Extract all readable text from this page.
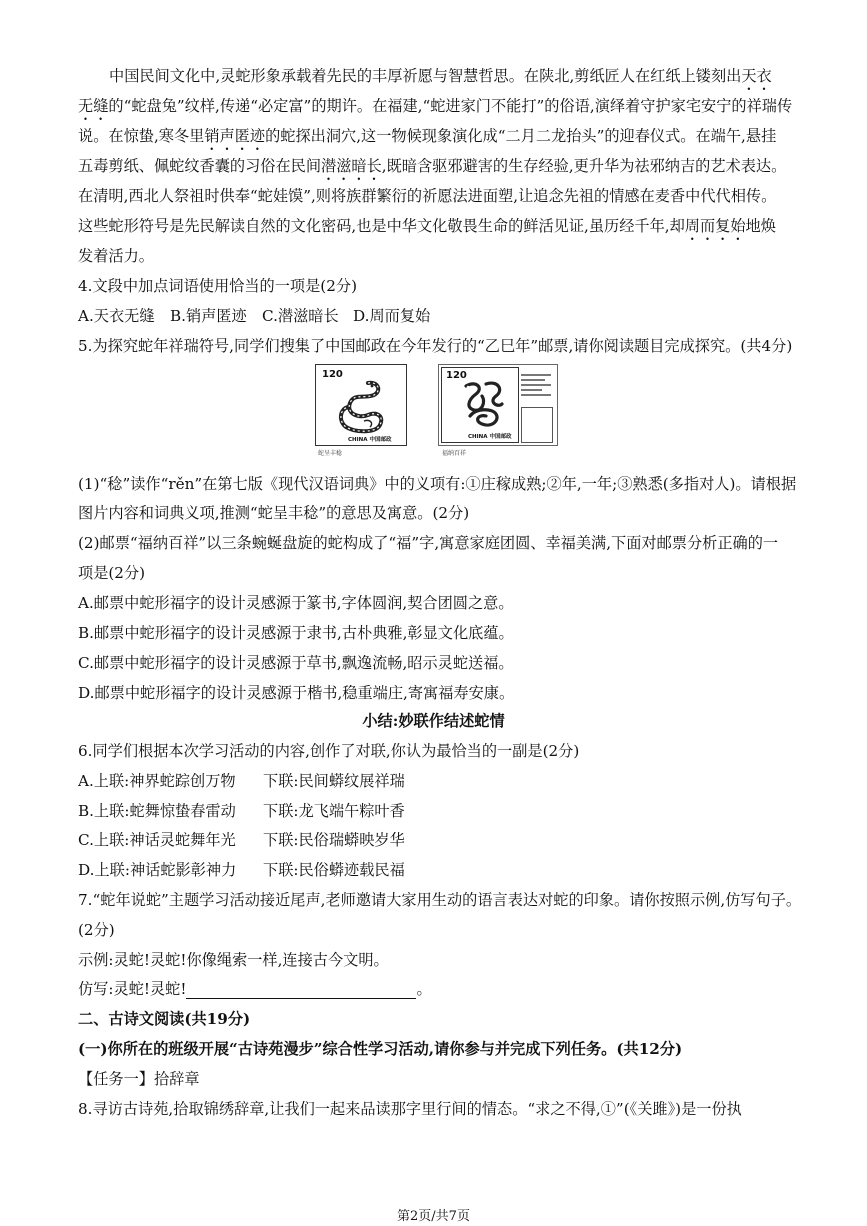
中国民间文化中,灵蛇形象承载着先民的丰厚祈愿与智慧哲思。在陕北,剪纸匠人在红纸上镂刻出天衣
无缝的“蛇盘兔”纹样,传递“必定富”的期许。在福建,“蛇进家门不能打”的俗语,演绎着守护家宅安宁的祥瑞传
说。在惊蛰,寒冬里销声匿迹的蛇探出洞穴,这一物候现象演化成“二月二龙抬头”的迎春仪式。在端午,悬挂
五毒剪纸、佩蛇纹香囊的习俗在民间潜滋暗长,既暗含驱邪避害的生存经验,更升华为祛邪纳吉的艺术表达。
在清明,西北人祭祖时供奉“蛇娃馍”,则将族群繁衍的祈愿法进面塑,让追念先祖的情感在麦香中代代相传。
这些蛇形符号是先民解读自然的文化密码,也是中华文化敬畏生命的鲜活见证,虽历经千年,却周而复始地焕
发着活力。
4.文段中加点词语使用恰当的一项是(2分)
A.天衣无缝 B.销声匿迹 C.潜滋暗长 D.周而复始
5.为探究蛇年祥瑞符号,同学们搜集了中国邮政在今年发行的“乙巳年”邮票,请你阅读题目完成探究。(共4分)
120
CHINA 中国邮政
蛇呈丰稔
120
CHINA 中国邮政
福纳百祥
(1)“稔”读作“rěn”在第七版《现代汉语词典》中的义项有:①庄稼成熟;②年,一年;③熟悉(多指对人)。请根据
图片内容和词典义项,推测“蛇呈丰稔”的意思及寓意。(2分)
(2)邮票“福纳百祥”以三条蜿蜒盘旋的蛇构成了“福”字,寓意家庭团圆、幸福美满,下面对邮票分析正确的一
项是(2分)
A.邮票中蛇形福字的设计灵感源于篆书,字体圆润,契合团圆之意。
B.邮票中蛇形福字的设计灵感源于隶书,古朴典雅,彰显文化底蕴。
C.邮票中蛇形福字的设计灵感源于草书,飘逸流畅,昭示灵蛇送福。
D.邮票中蛇形福字的设计灵感源于楷书,稳重端庄,寄寓福寿安康。
小结:妙联作结述蛇情
6.同学们根据本次学习活动的内容,创作了对联,你认为最恰当的一副是(2分)
A.上联:神界蛇踪创万物 下联:民间蟒纹展祥瑞
B.上联:蛇舞惊蛰春雷动 下联:龙飞端午粽叶香
C.上联:神话灵蛇舞年光 下联:民俗瑞蟒映岁华
D.上联:神话蛇影彰神力 下联:民俗蟒迹载民福
7.“蛇年说蛇”主题学习活动接近尾声,老师邀请大家用生动的语言表达对蛇的印象。请你按照示例,仿写句子。
(2分)
示例:灵蛇!灵蛇!你像绳索一样,连接古今文明。
仿写:灵蛇!灵蛇!	。
二、古诗文阅读(共19分)
(一)你所在的班级开展“古诗苑漫步”综合性学习活动,请你参与并完成下列任务。(共12分)
【任务一】拾辞章
8.寻访古诗苑,拾取锦绣辞章,让我们一起来品读那字里行间的情态。“求之不得,①”(《关雎》)是一份执
第2页/共7页
